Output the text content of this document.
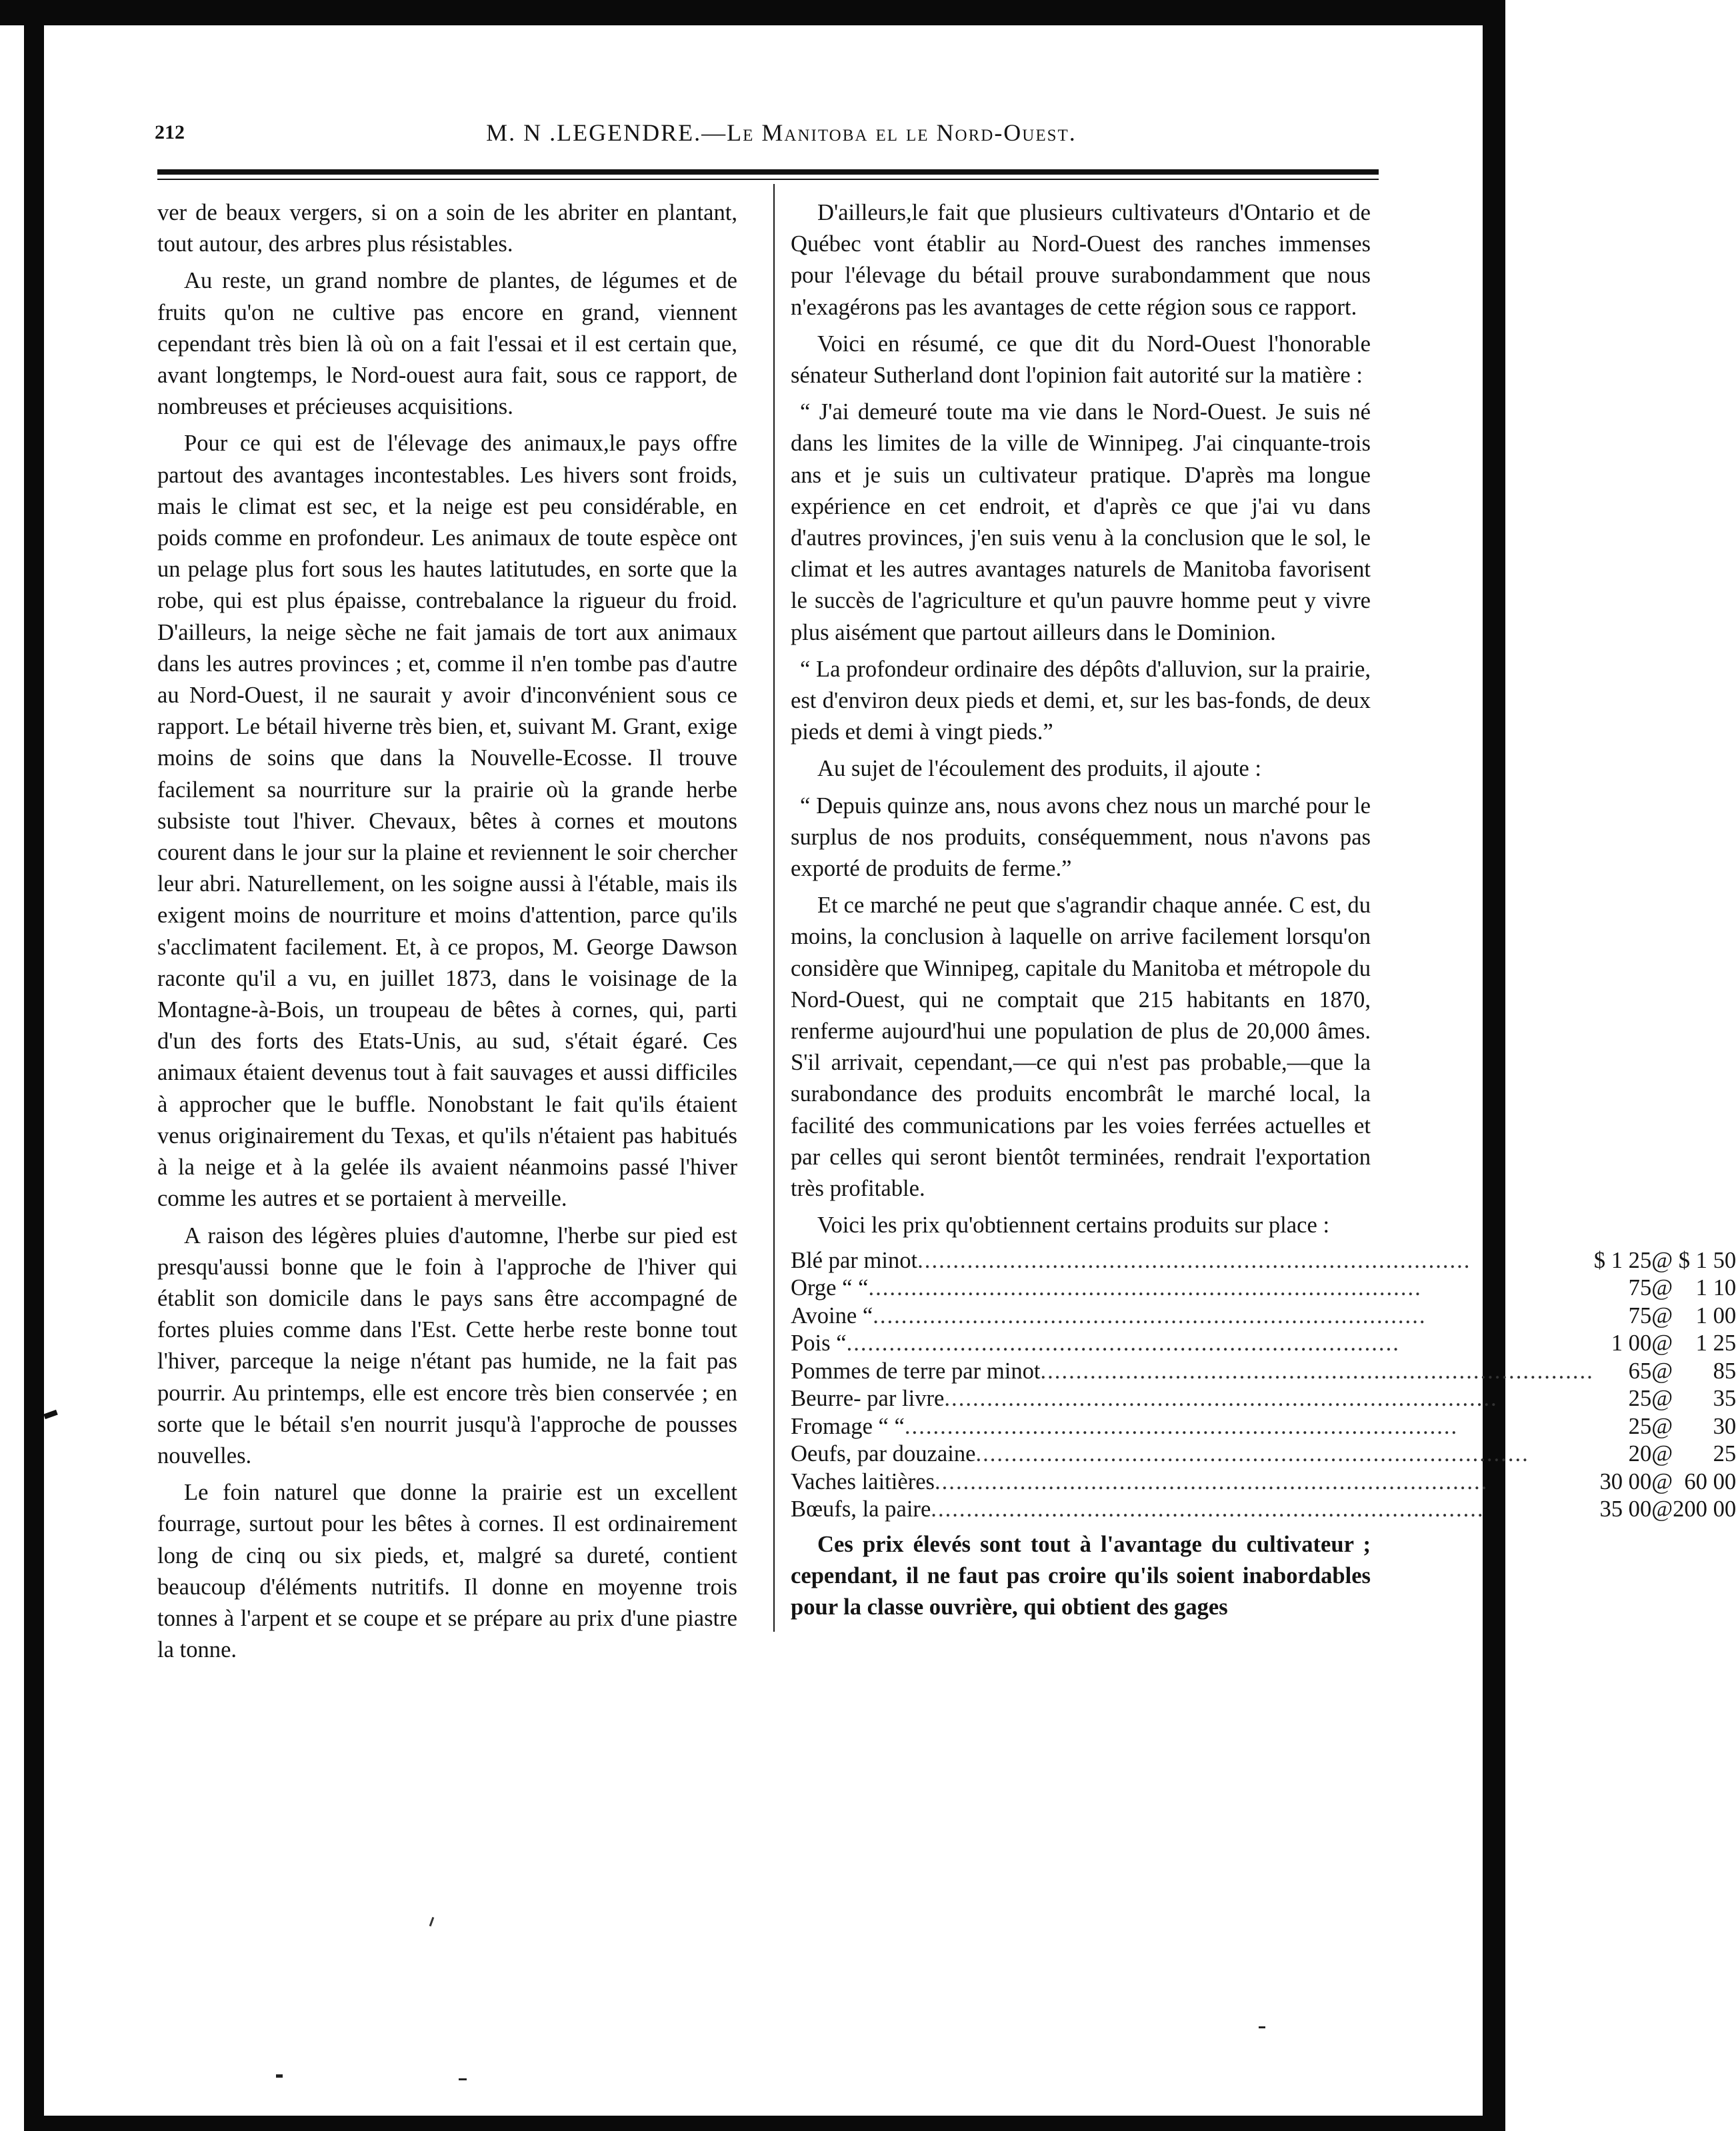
212	M. N .LEGENDRE.—Le Manitoba el le Nord-Ouest.

ver de beaux vergers, si on a soin de les abriter en plantant, tout autour, des arbres plus résistables.

Au reste, un grand nombre de plantes, de légumes et de fruits qu'on ne cultive pas encore en grand, viennent cependant très bien là où on a fait l'essai et il est certain que, avant longtemps, le Nord-ouest aura fait, sous ce rapport, de nombreuses et précieuses acquisitions.

Pour ce qui est de l'élevage des animaux,le pays offre partout des avantages incontestables. Les hivers sont froids, mais le climat est sec, et la neige est peu considérable, en poids comme en profondeur. Les animaux de toute espèce ont un pelage plus fort sous les hautes latitutudes, en sorte que la robe, qui est plus épaisse, contrebalance la rigueur du froid. D'ailleurs, la neige sèche ne fait jamais de tort aux animaux dans les autres provinces ; et, comme il n'en tombe pas d'autre au Nord-Ouest, il ne saurait y avoir d'inconvénient sous ce rapport. Le bétail hiverne très bien, et, suivant M. Grant, exige moins de soins que dans la Nouvelle-Ecosse. Il trouve facilement sa nourriture sur la prairie où la grande herbe subsiste tout l'hiver. Chevaux, bêtes à cornes et moutons courent dans le jour sur la plaine et reviennent le soir chercher leur abri. Naturellement, on les soigne aussi à l'étable, mais ils exigent moins de nourriture et moins d'attention, parce qu'ils s'acclimatent facilement. Et, à ce propos, M. George Dawson raconte qu'il a vu, en juillet 1873, dans le voisinage de la Montagne-à-Bois, un troupeau de bêtes à cornes, qui, parti d'un des forts des Etats-Unis, au sud, s'était égaré. Ces animaux étaient devenus tout à fait sauvages et aussi difficiles à approcher que le buffle. Nonobstant le fait qu'ils étaient venus originairement du Texas, et qu'ils n'étaient pas habitués à la neige et à la gelée ils avaient néanmoins passé l'hiver comme les autres et se portaient à merveille.

A raison des légères pluies d'automne, l'herbe sur pied est presqu'aussi bonne que le foin à l'approche de l'hiver qui établit son domicile dans le pays sans être accompagné de fortes pluies comme dans l'Est. Cette herbe reste bonne tout l'hiver, parceque la neige n'étant pas humide, ne la fait pas pourrir. Au printemps, elle est encore très bien conservée ; en sorte que le bétail s'en nourrit jusqu'à l'approche de pousses nouvelles.

Le foin naturel que donne la prairie est un excellent fourrage, surtout pour les bêtes à cornes. Il est ordinairement long de cinq ou six pieds, et, malgré sa dureté, contient beaucoup d'éléments nutritifs. Il donne en moyenne trois tonnes à l'arpent et se coupe et se prépare au prix d'une piastre la tonne.

D'ailleurs,le fait que plusieurs cultivateurs d'Ontario et de Québec vont établir au Nord-Ouest des ranches immenses pour l'élevage du bétail prouve surabondamment que nous n'exagérons pas les avantages de cette région sous ce rapport.

Voici en résumé, ce que dit du Nord-Ouest l'honorable sénateur Sutherland dont l'opinion fait autorité sur la matière :

“ J'ai demeuré toute ma vie dans le Nord-Ouest. Je suis né dans les limites de la ville de Winnipeg. J'ai cinquante-trois ans et je suis un cultivateur pratique. D'après ma longue expérience en cet endroit, et d'après ce que j'ai vu dans d'autres provinces, j'en suis venu à la conclusion que le sol, le climat et les autres avantages naturels de Manitoba favorisent le succès de l'agriculture et qu'un pauvre homme peut y vivre plus aisément que partout ailleurs dans le Dominion.

“ La profondeur ordinaire des dépôts d'alluvion, sur la prairie, est d'environ deux pieds et demi, et, sur les bas-fonds, de deux pieds et demi à vingt pieds.”

Au sujet de l'écoulement des produits, il ajoute :

“ Depuis quinze ans, nous avons chez nous un marché pour le surplus de nos produits, conséquemment, nous n'avons pas exporté de produits de ferme.”

Et ce marché ne peut que s'agrandir chaque année. C est, du moins, la conclusion à laquelle on arrive facilement lorsqu'on considère que Winnipeg, capitale du Manitoba et métropole du Nord-Ouest, qui ne comptait que 215 habitants en 1870, renferme aujourd'hui une population de plus de 20,000 âmes. S'il arrivait, cependant,—ce qui n'est pas probable,—que la surabondance des produits encombrât le marché local, la facilité des communications par les voies ferrées actuelles et par celles qui seront bientôt terminées, rendrait l'exportation très profitable.

Voici les prix qu'obtiennent certains produits sur place :

Blé par minot..............................................................................	$ 1 25	@	$ 1 50
Orge “ “..............................................................................	75	@	1 10
Avoine “..............................................................................	75	@	1 00
Pois “..............................................................................	1 00	@	1 25
Pommes de terre par minot..............................................................................	65	@	85
Beurre- par livre..............................................................................	25	@	35
Fromage “ “..............................................................................	25	@	30
Oeufs, par douzaine..............................................................................	20	@	25
Vaches laitières..............................................................................	30 00	@	60 00
Bœufs, la paire..............................................................................	35 00	@	200 00

Ces prix élevés sont tout à l'avantage du cultivateur ; cependant, il ne faut pas croire qu'ils soient inabordables pour la classe ouvrière, qui obtient des gages
